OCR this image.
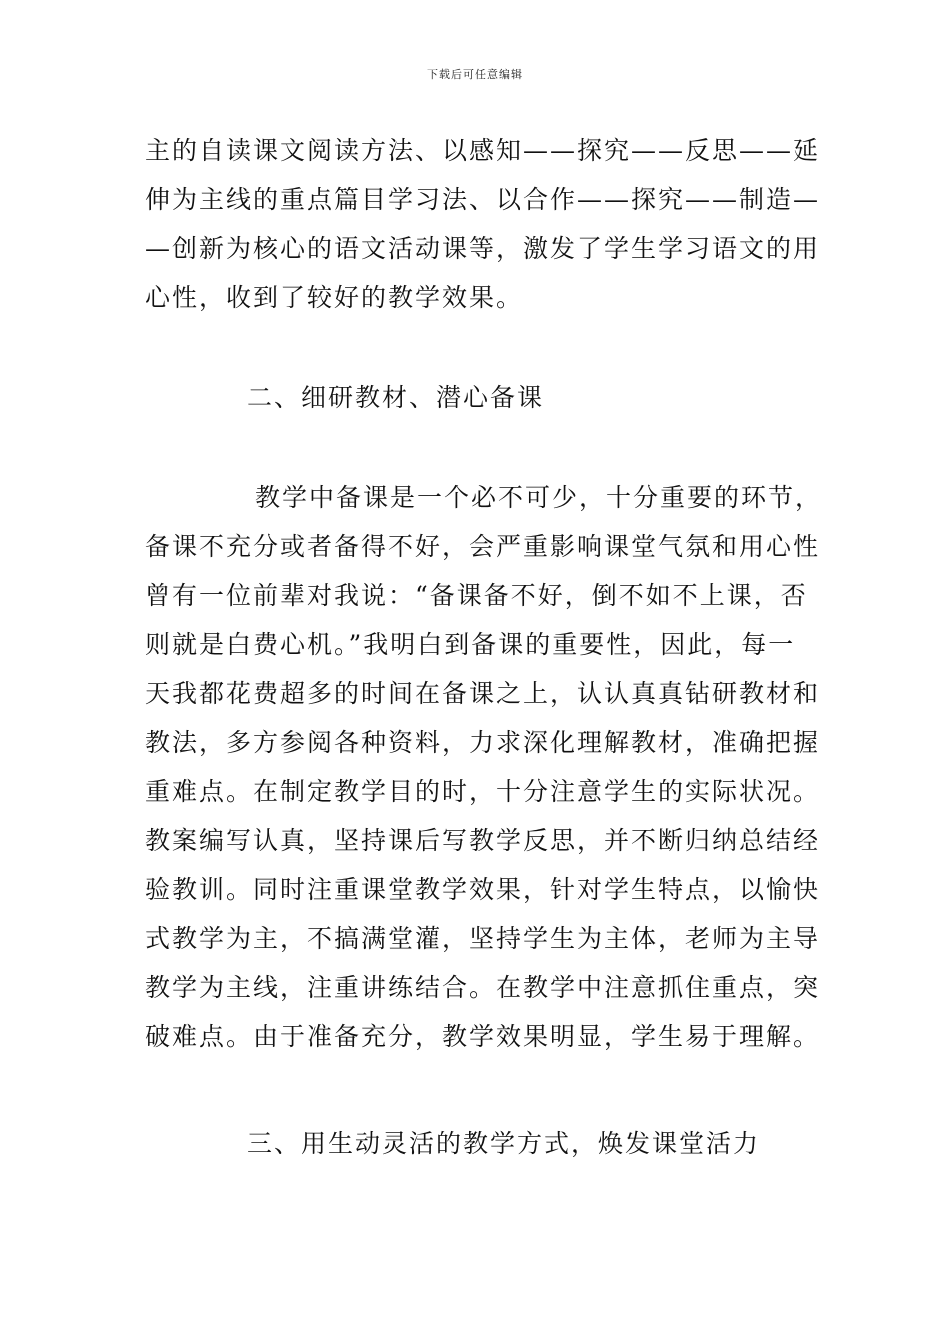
下载后可任意编辑

主的自读课文阅读方法、以感知——探究——反思——延
伸为主线的重点篇目学习法、以合作——探究——制造—
—创新为核心的语文活动课等，激发了学生学习语文的用
心性，收到了较好的教学效果。

二、细研教材、潜心备课

教学中备课是一个必不可少，十分重要的环节，
备课不充分或者备得不好，会严重影响课堂气氛和用心性
曾有一位前辈对我说：“备课备不好，倒不如不上课，否
则就是白费心机。”我明白到备课的重要性，因此，每一
天我都花费超多的时间在备课之上，认认真真钻研教材和
教法，多方参阅各种资料，力求深化理解教材，准确把握
重难点。在制定教学目的时，十分注意学生的实际状况。
教案编写认真，坚持课后写教学反思，并不断归纳总结经
验教训。同时注重课堂教学效果，针对学生特点，以愉快
式教学为主，不搞满堂灌，坚持学生为主体，老师为主导
教学为主线，注重讲练结合。在教学中注意抓住重点，突
破难点。由于准备充分，教学效果明显，学生易于理解。

三、用生动灵活的教学方式，焕发课堂活力
